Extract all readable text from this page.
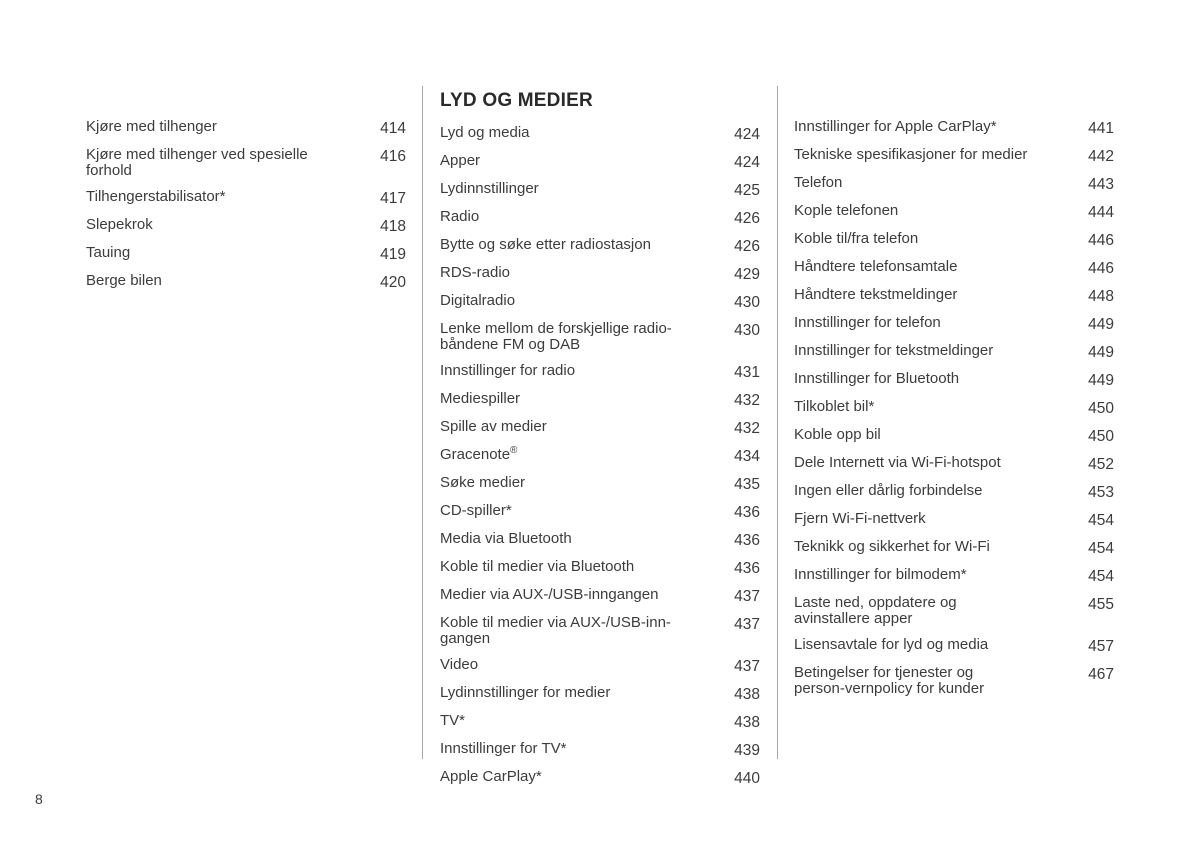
Kjøre med tilhenger	414
Kjøre med tilhenger ved spesielle forhold
416
Tilhengerstabilisator*	417
Slepekrok	418
Tauing	419
Berge bilen	420
LYD OG MEDIER
Lyd og media	424
Apper	424
Lydinnstillinger	425
Radio	426
Bytte og søke etter radiostasjon	426
RDS-radio	429
Digitalradio	430
Lenke mellom de forskjellige radio-båndene FM og DAB
430
Innstillinger for radio	431
Mediespiller	432
Spille av medier	432
Gracenote®	434
Søke medier	435
CD-spiller*	436
Media via Bluetooth	436
Koble til medier via Bluetooth	436
Medier via AUX-/USB-inngangen	437
Koble til medier via AUX-/USB-inn-gangen
437
Video	437
Lydinnstillinger for medier	438
TV*	438
Innstillinger for TV*	439
Apple CarPlay*	440
Innstillinger for Apple CarPlay*	441
Tekniske spesifikasjoner for medier	442
Telefon	443
Kople telefonen	444
Koble til/fra telefon	446
Håndtere telefonsamtale	446
Håndtere tekstmeldinger	448
Innstillinger for telefon	449
Innstillinger for tekstmeldinger	449
Innstillinger for Bluetooth	449
Tilkoblet bil*	450
Koble opp bil	450
Dele Internett via Wi-Fi-hotspot	452
Ingen eller dårlig forbindelse	453
Fjern Wi-Fi-nettverk	454
Teknikk og sikkerhet for Wi-Fi	454
Innstillinger for bilmodem*	454
Laste ned, oppdatere og avinstallere apper
455
Lisensavtale for lyd og media	457
Betingelser for tjenester og person-vernpolicy for kunder
467
8
